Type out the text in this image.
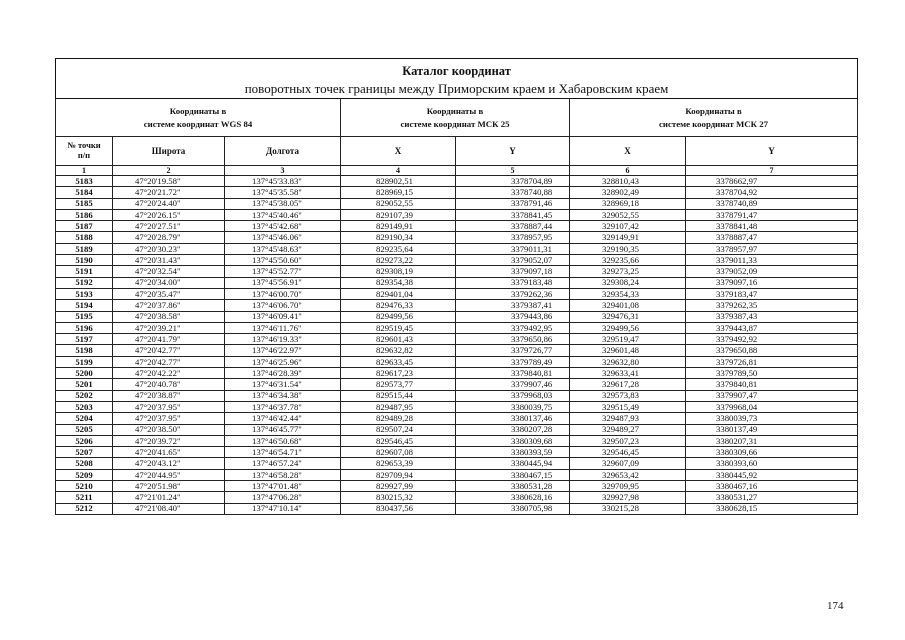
Каталог координат
поворотных точек границы между Приморским краем и Хабаровским краем						

Координаты в
системе координат WGS 84			Координаты в
системе координат МСК 25		Координаты в
системе координат МСК 27	
№ точки
п/п	Широта	Долгота	X	Y	X	Y
1	2	3	4	5	6	7
5183	47°20'19.58"	137°45'33.83"	828902,51	3378704,89	328810,43	3378662,97
5184	47°20'21.72"	137°45'35.58"	828969,15	3378740,88	328902,49	3378704,92
5185	47°20'24.40"	137°45'38.05"	829052,55	3378791,46	328969,18	3378740,89
5186	47°20'26.15"	137°45'40.46"	829107,39	3378841,45	329052,55	3378791,47
5187	47°20'27.51"	137°45'42.68"	829149,91	3378887,44	329107,42	3378841,48
5188	47°20'28.79"	137°45'46.06"	829190,34	3378957,95	329149,91	3378887,47
5189	47°20'30.23"	137°45'48.63"	829235,64	3379011,31	329190,35	3378957,97
5190	47°20'31.43"	137°45'50.60"	829273,22	3379052,07	329235,66	3379011,33
5191	47°20'32.54"	137°45'52.77"	829308,19	3379097,18	329273,25	3379052,09
5192	47°20'34.00"	137°45'56.91"	829354,38	3379183,48	329308,24	3379097,16
5193	47°20'35.47"	137°46'00.70"	829401,04	3379262,36	329354,33	3379183,47
5194	47°20'37.86"	137°46'06.70"	829476,33	3379387,41	329401,08	3379262,35
5195	47°20'38.58"	137°46'09.41"	829499,56	3379443,86	329476,31	3379387,43
5196	47°20'39.21"	137°46'11.76"	829519,45	3379492,95	329499,56	3379443,87
5197	47°20'41.79"	137°46'19.33"	829601,43	3379650,86	329519,47	3379492,92
5198	47°20'42.77"	137°46'22.97"	829632,82	3379726,77	329601,48	3379650,88
5199	47°20'42.77"	137°46'25.96"	829633,45	3379789,49	329632,80	3379726,81
5200	47°20'42.22"	137°46'28.39"	829617,23	3379840,81	329633,41	3379789,50
5201	47°20'40.78"	137°46'31.54"	829573,77	3379907,46	329617,28	3379840,81
5202	47°20'38.87"	137°46'34.38"	829515,44	3379968,03	329573,83	3379907,47
5203	47°20'37.95"	137°46'37.78"	829487,95	3380039,75	329515,49	3379968,04
5204	47°20'37.95"	137°46'42.44"	829489,28	3380137,46	329487,93	3380039,73
5205	47°20'38.50"	137°46'45.77"	829507,24	3380207,28	329489,27	3380137,49
5206	47°20'39.72"	137°46'50.68"	829546,45	3380309,68	329507,23	3380207,31
5207	47°20'41.65"	137°46'54.71"	829607,08	3380393,59	329546,45	3380309,66
5208	47°20'43.12"	137°46'57.24"	829653,39	3380445,94	329607,09	3380393,60
5209	47°20'44.95"	137°46'58.28"	829709,94	3380467,15	329653,42	3380445,92
5210	47°20'51.98"	137°47'01.48"	829927,99	3380531,28	329709,95	3380467,16
5211	47°21'01.24"	137°47'06.28"	830215,32	3380628,16	329927,98	3380531,27
5212	47°21'08.40"	137°47'10.14"	830437,56	3380705,98	330215,28	3380628,15
174
